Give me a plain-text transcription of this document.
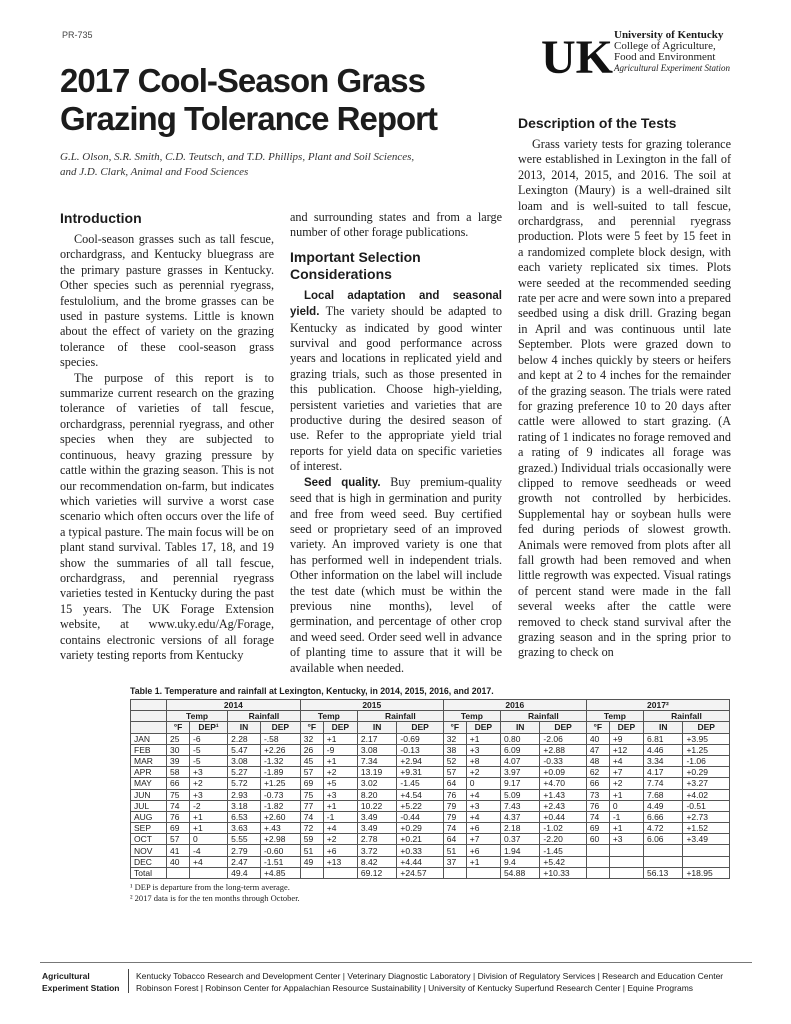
PR-735	UK University of Kentucky
College of Agriculture,
Food and Environment
Agricultural Experiment Station
2017 Cool-Season Grass
Grazing Tolerance Report
G.L. Olson, S.R. Smith, C.D. Teutsch, and T.D. Phillips, Plant and Soil Sciences,
and J.D. Clark, Animal and Food Sciences
Introduction

Cool-season grasses such as tall fescue, orchardgrass, and Kentucky bluegrass are the primary pasture grasses in Kentucky. Other species such as perennial ryegrass, festulolium, and the brome grasses can be used in pasture systems. Little is known about the effect of variety on the grazing tolerance of these cool-season grass species.

The purpose of this report is to summarize current research on the grazing tolerance of varieties of tall fescue, orchardgrass, perennial ryegrass, and other species when they are subjected to continuous, heavy grazing pressure by cattle within the grazing season. This is not our recommendation on-farm, but indicates which varieties will survive a worst case scenario which often occurs over the life of a typical pasture. The main focus will be on plant stand survival. Tables 17, 18, and 19 show the summaries of all tall fescue, orchardgrass, and perennial ryegrass varieties tested in Kentucky during the past 15 years. The UK Forage Extension website, at www.uky.edu/Ag/Forage, contains electronic versions of all forage variety testing reports from Kentucky

and surrounding states and from a large number of other forage publications.

Important Selection Considerations

Local adaptation and seasonal yield. The variety should be adapted to Kentucky as indicated by good winter survival and good performance across years and locations in replicated yield and grazing trials, such as those presented in this publication. Choose high-yielding, persistent varieties and varieties that are productive during the desired season of use. Refer to the appropriate yield trial reports for yield data on specific varieties of interest.

Seed quality. Buy premium-quality seed that is high in germination and purity and free from weed seed. Buy certified seed or proprietary seed of an improved variety. An improved variety is one that has performed well in independent trials. Other information on the label will include the test date (which must be within the previous nine months), level of germination, and percentage of other crop and weed seed. Order seed well in advance of planting time to assure that it will be available when needed.

Description of the Tests

Grass variety tests for grazing tolerance were established in Lexington in the fall of 2013, 2014, 2015, and 2016. The soil at Lexington (Maury) is a well-drained silt loam and is well-suited to tall fescue, orchardgrass, and perennial ryegrass production. Plots were 5 feet by 15 feet in a randomized complete block design, with each variety replicated six times. Plots were seeded at the recommended seeding rate per acre and were sown into a prepared seedbed using a disk drill. Grazing began in April and was continuous until late September. Plots were grazed down to below 4 inches quickly by steers or heifers and kept at 2 to 4 inches for the remainder of the grazing season. The trials were rated for grazing preference 10 to 20 days after cattle were allowed to start grazing. (A rating of 1 indicates no forage removed and a rating of 9 indicates all forage was grazed.) Individual trials occasionally were clipped to remove seedheads or weed growth not controlled by herbicides. Supplemental hay or soybean hulls were fed during periods of slowest growth. Animals were removed from plots after all fall growth had been removed and when little regrowth was expected. Visual ratings of percent stand were made in the fall several weeks after the cattle were removed to check stand survival after the grazing season and in the spring prior to grazing to check on

Table 1. Temperature and rainfall at Lexington, Kentucky, in 2014, 2015, 2016, and 2017.
	2014				2015				2016				2017²			
	Temp		Rainfall		Temp		Rainfall		Temp		Rainfall		Temp		Rainfall	
	°F	DEP¹	IN	DEP	°F	DEP	IN	DEP	°F	DEP	IN	DEP	°F	DEP	IN	DEP
JAN	25	-6	2.28	-.58	32	+1	2.17	-0.69	32	+1	0.80	-2.06	40	+9	6.81	+3.95
FEB	30	-5	5.47	+2.26	26	-9	3.08	-0.13	38	+3	6.09	+2.88	47	+12	4.46	+1.25
MAR	39	-5	3.08	-1.32	45	+1	7.34	+2.94	52	+8	4.07	-0.33	48	+4	3.34	-1.06
APR	58	+3	5.27	-1.89	57	+2	13.19	+9.31	57	+2	3.97	+0.09	62	+7	4.17	+0.29
MAY	66	+2	5.72	+1.25	69	+5	3.02	-1.45	64	0	9.17	+4.70	66	+2	7.74	+3.27
JUN	75	+3	2.93	-0.73	75	+3	8.20	+4.54	76	+4	5.09	+1.43	73	+1	7.68	+4.02
JUL	74	-2	3.18	-1.82	77	+1	10.22	+5.22	79	+3	7.43	+2.43	76	0	4.49	-0.51
AUG	76	+1	6.53	+2.60	74	-1	3.49	-0.44	79	+4	4.37	+0.44	74	-1	6.66	+2.73
SEP	69	+1	3.63	+.43	72	+4	3.49	+0.29	74	+6	2.18	-1.02	69	+1	4.72	+1.52
OCT	57	0	5.55	+2.98	59	+2	2.78	+0.21	64	+7	0.37	-2.20	60	+3	6.06	+3.49
NOV	41	-4	2.79	-0.60	51	+6	3.72	+0.33	51	+6	1.94	-1.45				
DEC	40	+4	2.47	-1.51	49	+13	8.42	+4.44	37	+1	9.4	+5.42				
Total			49.4	+4.85			69.12	+24.57			54.88	+10.33			56.13	+18.95
¹ DEP is departure from the long-term average.
² 2017 data is for the ten months through October.
Agricultural
Experiment Station
Kentucky Tobacco Research and Development Center | Veterinary Diagnostic Laboratory | Division of Regulatory Services | Research and Education Center
Robinson Forest | Robinson Center for Appalachian Resource Sustainability | University of Kentucky Superfund Research Center | Equine Programs
